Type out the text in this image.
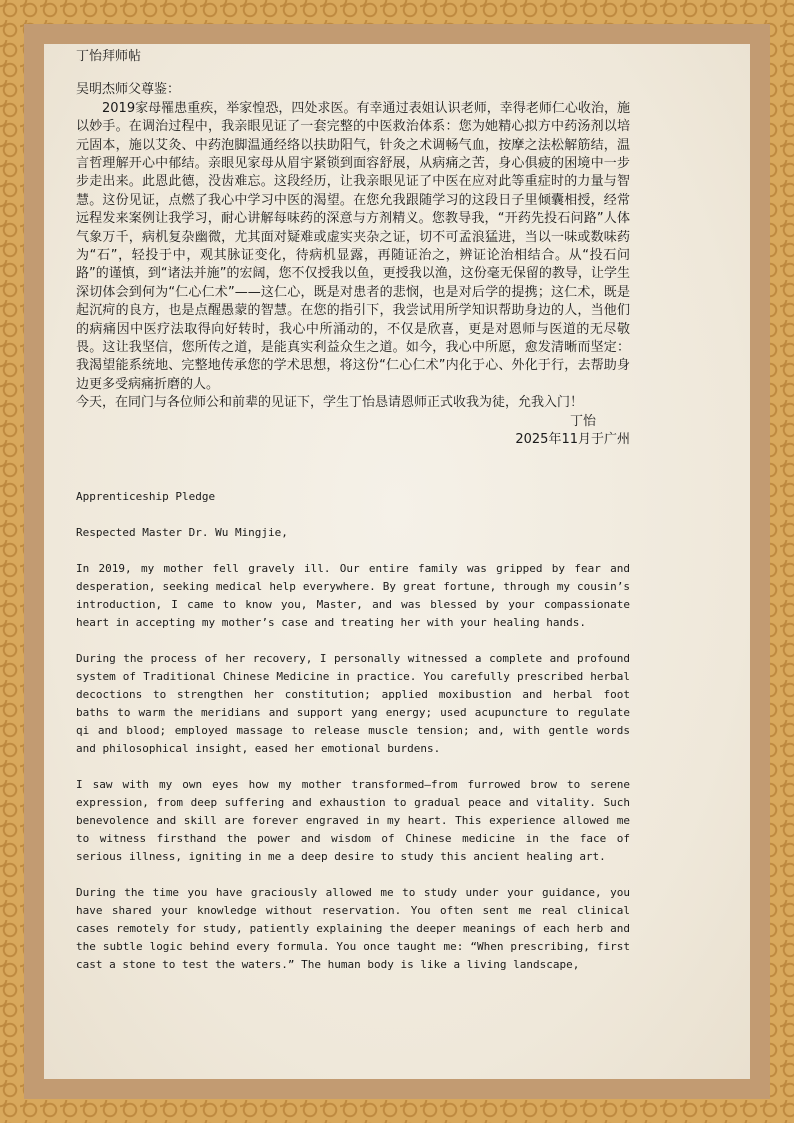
丁怡拜师帖

吴明杰师父尊鉴：

2019家母罹患重疾，举家惶恐，四处求医。有幸通过表姐认识老师，幸得老师仁心收治，施以妙手。在调治过程中，我亲眼见证了一套完整的中医救治体系：您为她精心拟方中药汤剂以培元固本，施以艾灸、中药泡脚温通经络以扶助阳气，针灸之术调畅气血，按摩之法松解筋结，温言哲理解开心中郁结。亲眼见家母从眉宇紧锁到面容舒展，从病痛之苦，身心俱疲的困境中一步步走出来。此恩此德，没齿难忘。这段经历，让我亲眼见证了中医在应对此等重症时的力量与智慧。这份见证，点燃了我心中学习中医的渴望。在您允我跟随学习的这段日子里倾囊相授，经常远程发来案例让我学习，耐心讲解每味药的深意与方剂精义。您教导我，“开药先投石问路”人体气象万千，病机复杂幽微，尤其面对疑难或虚实夹杂之证，切不可孟浪猛进，当以一味或数味药为“石”，轻投于中，观其脉证变化，待病机显露，再随证治之，辨证论治相结合。从“投石问路”的谨慎，到“诸法并施”的宏阔，您不仅授我以鱼，更授我以渔，这份毫无保留的教导，让学生深切体会到何为“仁心仁术”——这仁心，既是对患者的悲悯，也是对后学的提携；这仁术，既是起沉疴的良方，也是点醒愚蒙的智慧。在您的指引下，我尝试用所学知识帮助身边的人，当他们的病痛因中医疗法取得向好转时，我心中所涌动的，不仅是欣喜，更是对恩师与医道的无尽敬畏。这让我坚信，您所传之道，是能真实利益众生之道。如今，我心中所愿，愈发清晰而坚定：我渴望能系统地、完整地传承您的学术思想，将这份“仁心仁术”内化于心、外化于行，去帮助身边更多受病痛折磨的人。

今天，在同门与各位师公和前辈的见证下，学生丁怡恳请恩师正式收我为徒，允我入门！

丁怡

2025年11月于广州

Apprenticeship Pledge

Respected Master Dr. Wu Mingjie,

In 2019, my mother fell gravely ill. Our entire family was gripped by fear and desperation, seeking medical help everywhere. By great fortune, through my cousin’s introduction, I came to know you, Master, and was blessed by your compassionate heart in accepting my mother’s case and treating her with your healing hands.

During the process of her recovery, I personally witnessed a complete and profound system of Traditional Chinese Medicine in practice. You carefully prescribed herbal decoctions to strengthen her constitution; applied moxibustion and herbal foot baths to warm the meridians and support yang energy; used acupuncture to regulate qi and blood; employed massage to release muscle tension; and, with gentle words and philosophical insight, eased her emotional burdens.

I saw with my own eyes how my mother transformed—from furrowed brow to serene expression, from deep suffering and exhaustion to gradual peace and vitality. Such benevolence and skill are forever engraved in my heart. This experience allowed me to witness firsthand the power and wisdom of Chinese medicine in the face of serious illness, igniting in me a deep desire to study this ancient healing art.

During the time you have graciously allowed me to study under your guidance, you have shared your knowledge without reservation. You often sent me real clinical cases remotely for study, patiently explaining the deeper meanings of each herb and the subtle logic behind every formula. You once taught me: “When prescribing, first cast a stone to test the waters.” The human body is like a living landscape,
